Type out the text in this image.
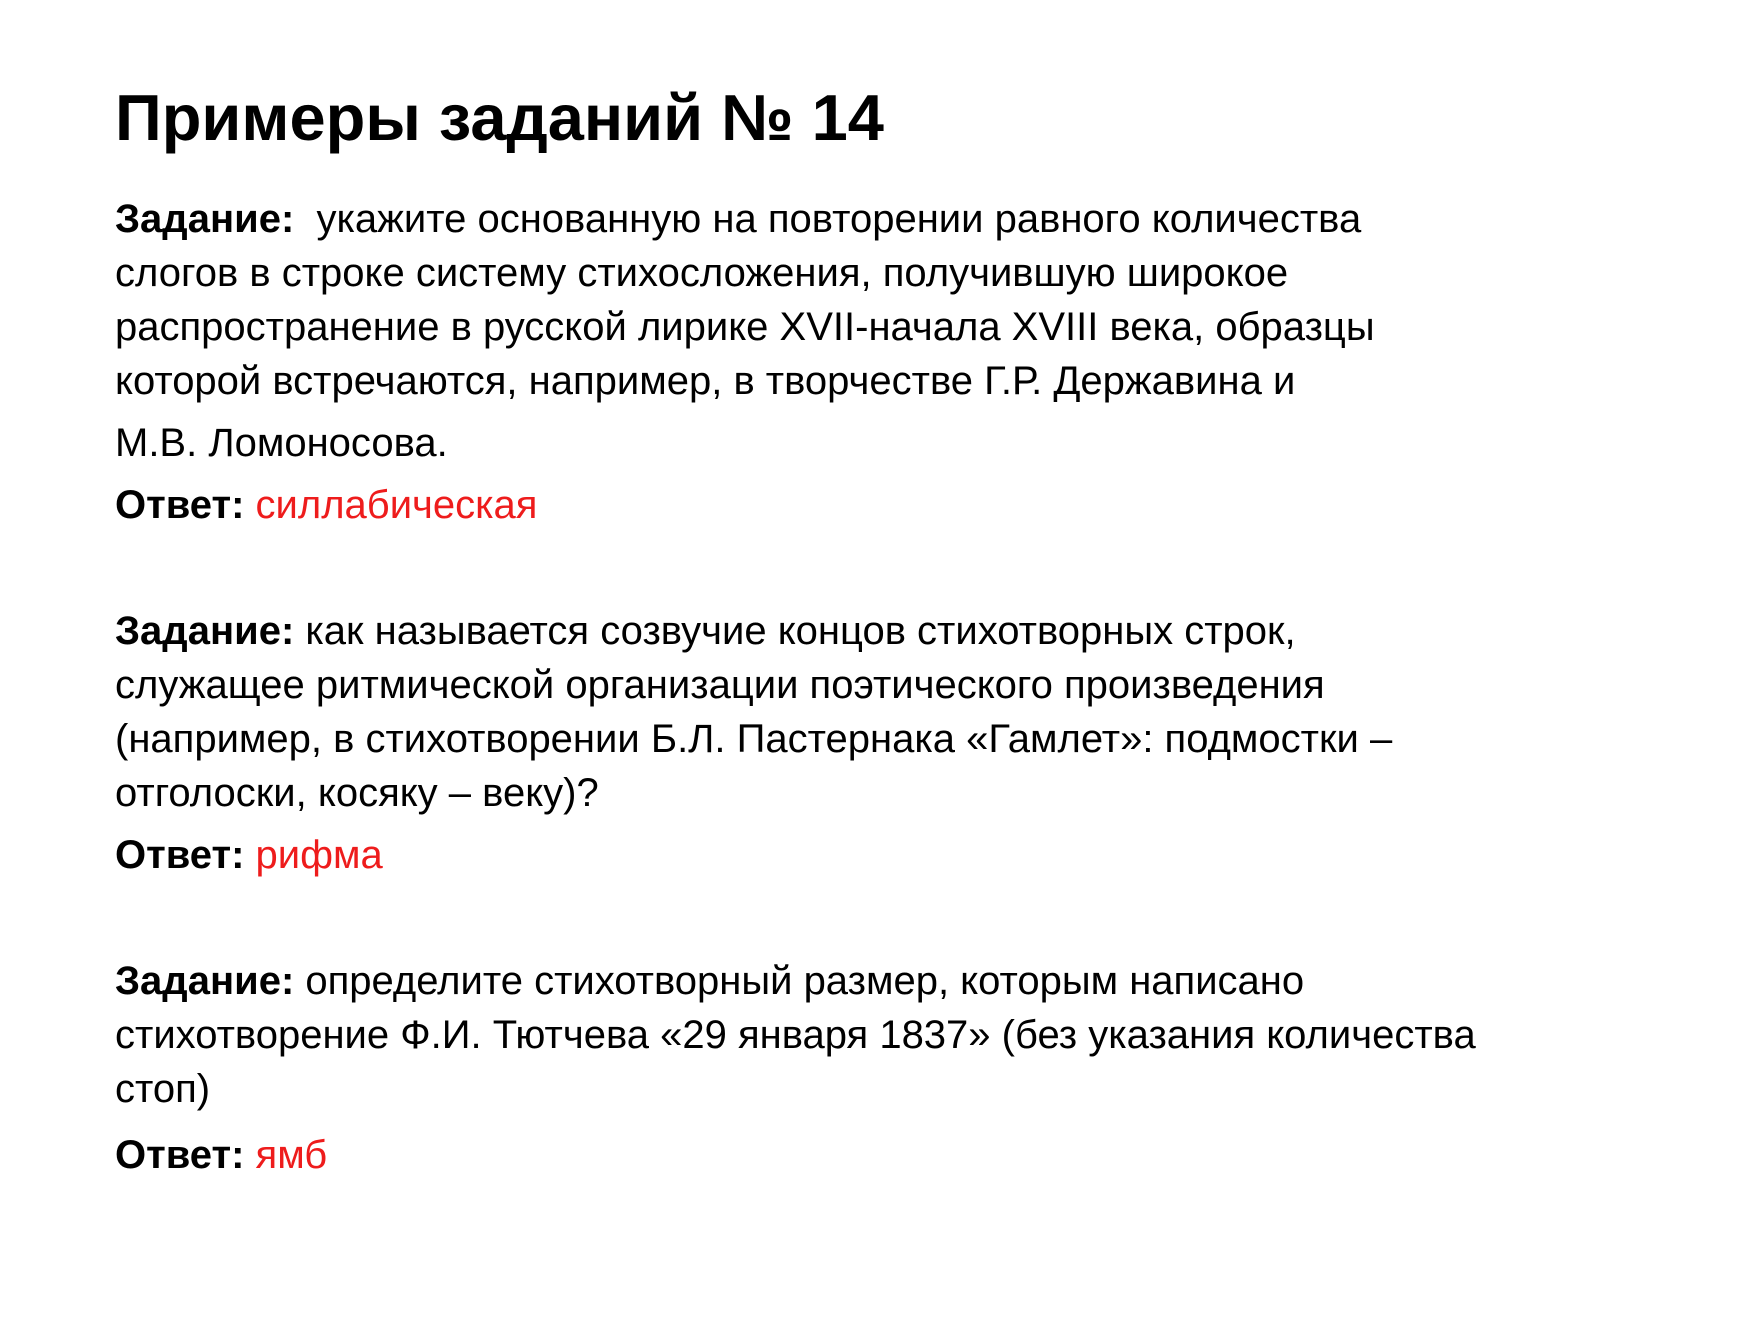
Примеры заданий № 14
Задание:  укажите основанную на повторении равного количества
слогов в строке систему стихосложения, получившую широкое
распространение в русской лирике XVII-начала XVIII века, образцы
которой встречаются, например, в творчестве Г.Р. Державина и
М.В. Ломоносова.
Ответ: силлабическая
Задание: как называется созвучие концов стихотворных строк,
служащее ритмической организации поэтического произведения
(например, в стихотворении Б.Л. Пастернака «Гамлет»: подмостки –
отголоски, косяку – веку)?
Ответ: рифма
Задание: определите стихотворный размер, которым написано
стихотворение Ф.И. Тютчева «29 января 1837» (без указания количества
стоп)
Ответ: ямб
